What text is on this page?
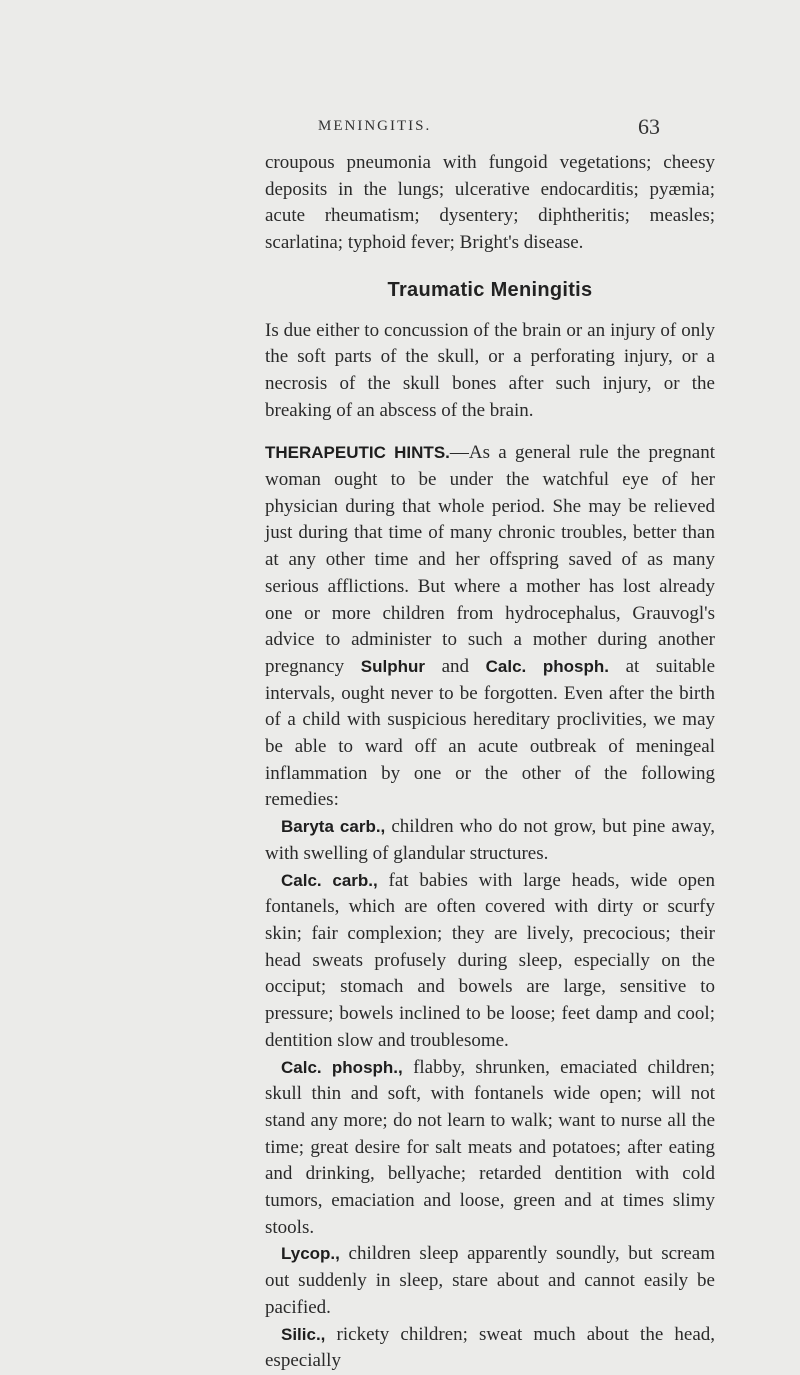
MENINGITIS.	63

croupous pneumonia with fungoid vegetations; cheesy deposits in the lungs; ulcerative endocarditis; pyæmia; acute rheumatism; dysentery; diphtheritis; measles; scarlatina; typhoid fever; Bright's disease.

Traumatic Meningitis

Is due either to concussion of the brain or an injury of only the soft parts of the skull, or a perforating injury, or a necrosis of the skull bones after such injury, or the breaking of an abscess of the brain.

THERAPEUTIC HINTS.—As a general rule the pregnant woman ought to be under the watchful eye of her physician during that whole period. She may be relieved just during that time of many chronic troubles, better than at any other time and her offspring saved of as many serious afflictions. But where a mother has lost already one or more children from hydrocephalus, Grauvogl's advice to administer to such a mother during another pregnancy Sulphur and Calc. phosph. at suitable intervals, ought never to be forgotten. Even after the birth of a child with suspicious hereditary proclivities, we may be able to ward off an acute outbreak of meningeal inflammation by one or the other of the following remedies:

Baryta carb., children who do not grow, but pine away, with swelling of glandular structures.

Calc. carb., fat babies with large heads, wide open fontanels, which are often covered with dirty or scurfy skin; fair complexion; they are lively, precocious; their head sweats profusely during sleep, especially on the occiput; stomach and bowels are large, sensitive to pressure; bowels inclined to be loose; feet damp and cool; dentition slow and troublesome.

Calc. phosph., flabby, shrunken, emaciated children; skull thin and soft, with fontanels wide open; will not stand any more; do not learn to walk; want to nurse all the time; great desire for salt meats and potatoes; after eating and drinking, bellyache; retarded dentition with cold tumors, emaciation and loose, green and at times slimy stools.

Lycop., children sleep apparently soundly, but scream out suddenly in sleep, stare about and cannot easily be pacified.

Silic., rickety children; sweat much about the head, especially
